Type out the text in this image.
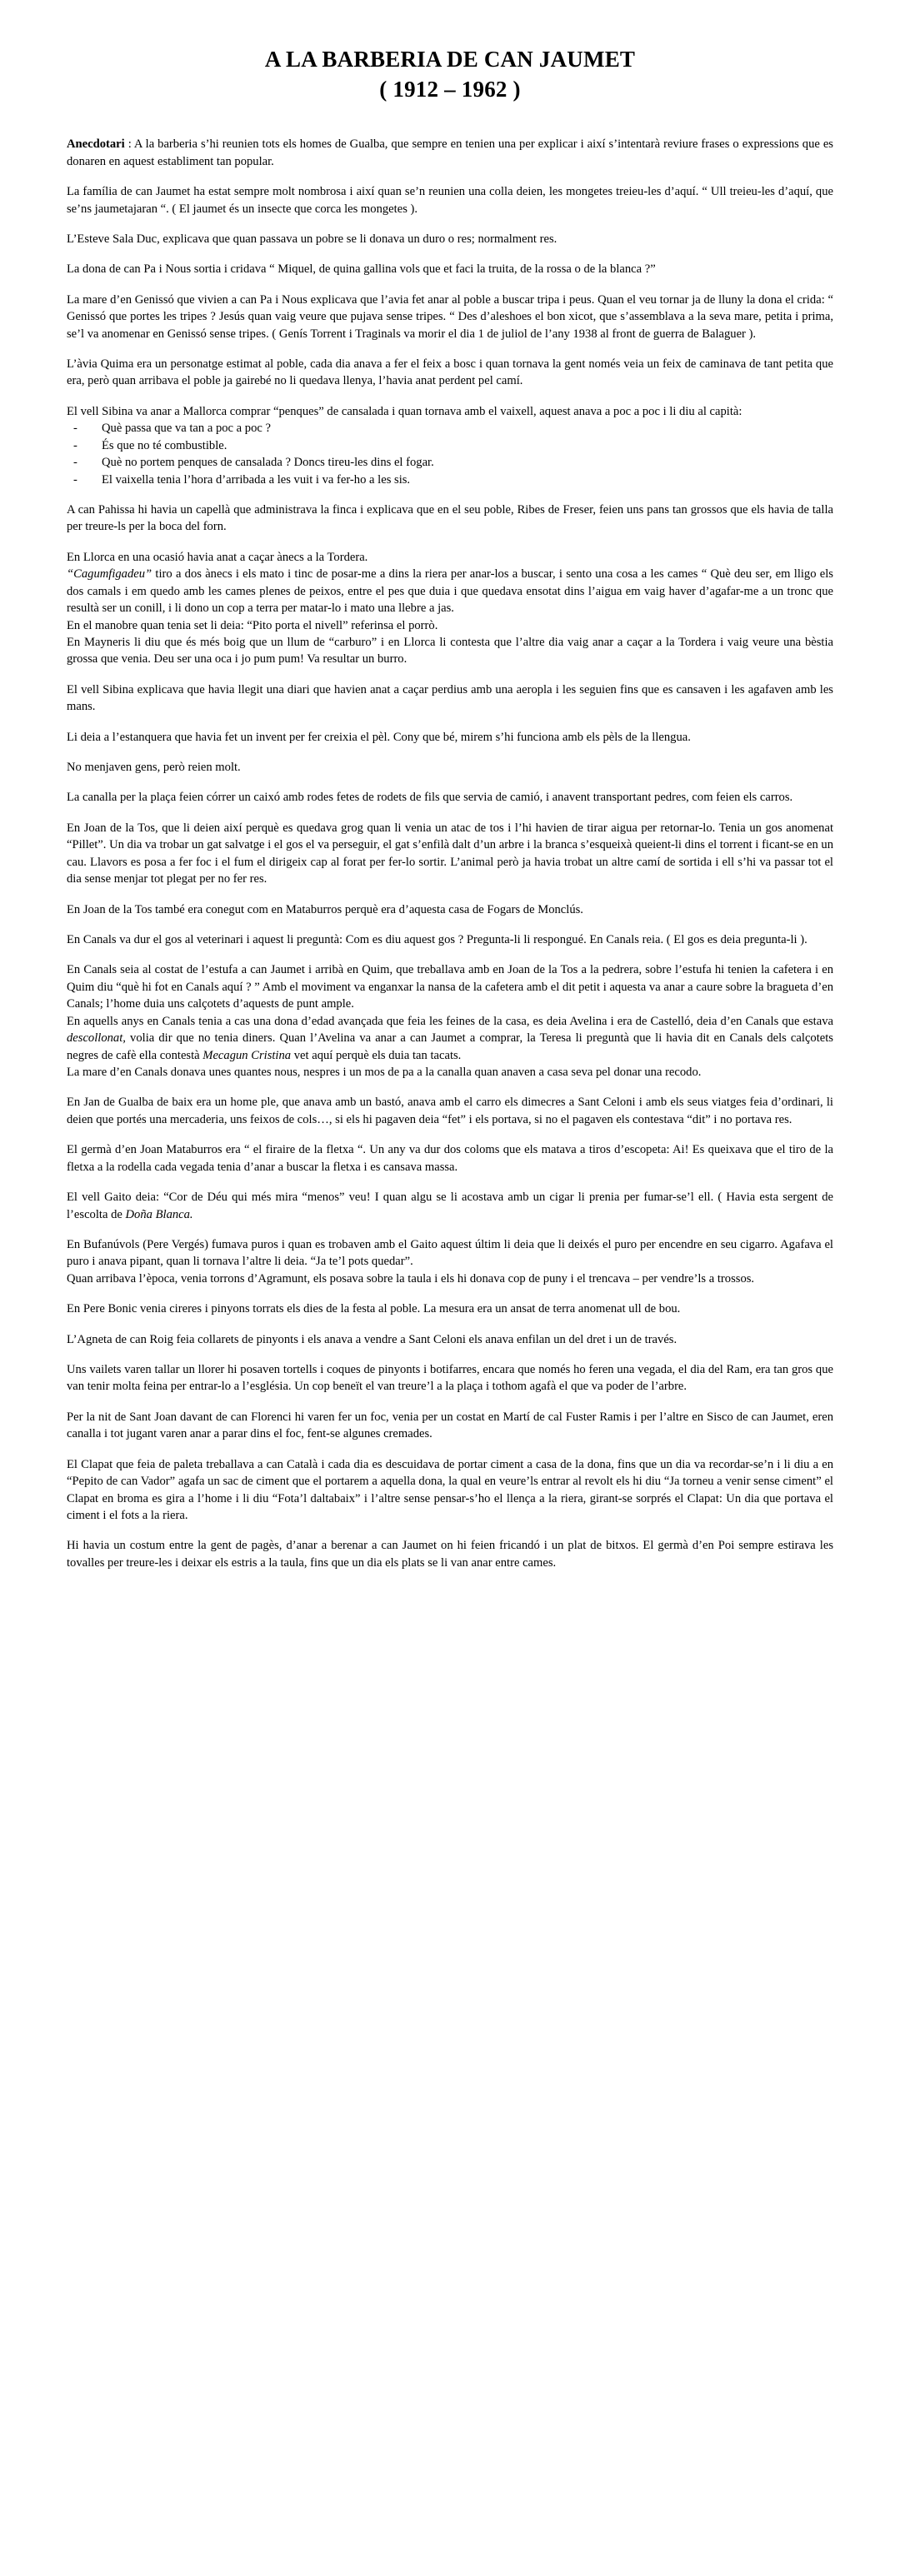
A LA BARBERIA DE CAN JAUMET
( 1912 – 1962 )

Anecdotari : A la barberia s’hi reunien tots els homes de Gualba, que sempre en tenien una per explicar i així s’intentarà reviure frases o expressions que es donaren en aquest establiment tan popular.

La família de can Jaumet ha estat sempre molt nombrosa i així quan se’n reunien una colla deien, les mongetes treieu-les d’aquí. “ Ull treieu-les d’aquí, que se’ns jaumetajaran “. ( El jaumet és un insecte que corca les mongetes ).

L’Esteve Sala Duc, explicava que quan passava un pobre se li donava un duro o res; normalment res.

La dona de can Pa i Nous sortia i cridava “ Miquel, de quina gallina vols que et faci la truita, de la rossa o de la blanca ?”

La mare d’en Genissó que vivien a can Pa i Nous explicava que l’avia fet anar al poble a buscar tripa i peus. Quan el veu tornar ja de lluny la dona el crida: “ Genissó que portes les tripes ? Jesús quan vaig veure que pujava sense tripes. “ Des d’aleshoes el bon xicot, que s’assemblava a la seva mare, petita i prima, se’l va anomenar en Genissó sense tripes. ( Genís Torrent i Traginals va morir el dia 1 de juliol de l’any 1938 al front de guerra de Balaguer ).

L’àvia Quima era un personatge estimat al poble, cada dia anava a fer el feix a bosc i quan tornava la gent només veia un feix de caminava de tant petita que era, però quan arribava el poble ja gairebé no li quedava llenya, l’havia anat perdent pel camí.

El vell Sibina va anar a Mallorca comprar “penques” de cansalada i quan tornava amb el vaixell, aquest anava a poc a poc i li diu al capità:

- Què passa que va tan a poc a poc ?
- És que no té combustible.
- Què no portem penques de cansalada ? Doncs tireu-les dins el fogar.
- El vaixella tenia l’hora d’arribada a les vuit i va fer-ho a les sis.

A can Pahissa hi havia un capellà que administrava la finca i explicava que en el seu poble, Ribes de Freser, feien uns pans tan grossos que els havia de talla per treure-ls per la boca del forn.

En Llorca en una ocasió havia anat a caçar ànecs a la Tordera.

“Cagumfigadeu” tiro a dos ànecs i els mato i tinc de posar-me a dins la riera per anar-los a buscar, i sento una cosa a les cames “ Què deu ser, em lligo els dos camals i em quedo amb les cames plenes de peixos, entre el pes que duia i que quedava ensotat dins l’aigua em vaig haver d’agafar-me a un tronc que resultà ser un conill, i li dono un cop a terra per matar-lo i mato una llebre a jas.

En el manobre quan tenia set li deia: “Pito porta el nivell” referinsa el porrò.

En Mayneris li diu que és més boig que un llum de “carburo” i en Llorca li contesta que l’altre dia vaig anar a caçar a la Tordera i vaig veure una bèstia grossa que venia. Deu ser una oca i jo pum pum! Va resultar un burro.

El vell Sibina explicava que havia llegit una diari que havien anat a caçar perdius amb una aeropla i les seguien fins que es cansaven i les agafaven amb les mans.

Li deia a l’estanquera que havia fet un invent per fer creixia el pèl. Cony que bé, mirem s’hi funciona amb els pèls de la llengua.

No menjaven gens, però reien molt.

La canalla per la plaça feien córrer un caixó amb rodes fetes de rodets de fils que servia de camió, i anavent transportant pedres, com feien els carros.

En Joan de la Tos, que li deien així perquè es quedava grog quan li venia un atac de tos i l’hi havien de tirar aigua per retornar-lo. Tenia un gos anomenat “Pillet”. Un dia va trobar un gat salvatge i el gos el va perseguir, el gat s’enfilà dalt d’un arbre i la branca s’esqueixà queient-li dins el torrent i ficant-se en un cau. Llavors es posa a fer foc i el fum el dirigeix cap al forat per fer-lo sortir. L’animal però ja havia trobat un altre camí de sortida i ell s’hi va passar tot el dia sense menjar tot plegat per no fer res.

En Joan de la Tos també era conegut com en Mataburros perquè era d’aquesta casa de Fogars de Monclús.

En Canals va dur el gos al veterinari i aquest li preguntà: Com es diu aquest gos ? Pregunta-li li respongué. En Canals reia. ( El gos es deia pregunta-li ).

En Canals seia al costat de l’estufa a can Jaumet i arribà en Quim, que treballava amb en Joan de la Tos a la pedrera, sobre l’estufa hi tenien la cafetera i en Quim diu “què hi fot en Canals aquí ? ” Amb el moviment va enganxar la nansa de la cafetera amb el dit petit i aquesta va anar a caure sobre la bragueta d’en Canals; l’home duia uns calçotets d’aquests de punt ample.

En aquells anys en Canals tenia a cas una dona d’edad avançada que feia les feines de la casa, es deia Avelina i era de Castelló, deia d’en Canals que estava descollonat, volia dir que no tenia diners. Quan l’Avelina va anar a can Jaumet a comprar, la Teresa li preguntà que li havia dit en Canals dels calçotets negres de cafè ella contestà Mecagun Cristina vet aquí perquè els duia tan tacats.

La mare d’en Canals donava unes quantes nous, nespres i un mos de pa a la canalla quan anaven a casa seva pel donar una recodo.

En Jan de Gualba de baix era un home ple, que anava amb un bastó, anava amb el carro els dimecres a Sant Celoni i amb els seus viatges feia d’ordinari, li deien que portés una mercaderia, uns feixos de cols…, si els hi pagaven deia “fet” i els portava, si no el pagaven els contestava “dit” i no portava res.

El germà d’en Joan Mataburros era “ el firaire de la fletxa “. Un any va dur dos coloms que els matava a tiros d’escopeta: Ai! Es queixava que el tiro de la fletxa a la rodella cada vegada tenia d’anar a buscar la fletxa i es cansava massa.

El vell Gaito deia: “Cor de Déu qui més mira “menos” veu! I quan algu se li acostava amb un cigar li prenia per fumar-se’l ell. ( Havia esta sergent de l’escolta de Doña Blanca.

En Bufanúvols (Pere Vergés) fumava puros i quan es trobaven amb el Gaito aquest últim li deia que li deixés el puro per encendre en seu cigarro. Agafava el puro i anava pipant, quan li tornava l’altre li deia. “Ja te’l pots quedar”.

Quan arribava l’època, venia torrons d’Agramunt, els posava sobre la taula i els hi donava cop de puny i el trencava – per vendre’ls a trossos.

En Pere Bonic venia cireres i pinyons torrats els dies de la festa al poble. La mesura era un ansat de terra anomenat ull de bou.

L’Agneta de can Roig feia collarets de pinyonts i els anava a vendre a Sant Celoni els anava enfilan un del dret i un de través.

Uns vailets varen tallar un llorer hi posaven tortells i coques de pinyonts i botifarres, encara que només ho feren una vegada, el dia del Ram, era tan gros que van tenir molta feina per entrar-lo a l’església. Un cop beneït el van treure’l a la plaça i tothom agafà el que va poder de l’arbre.

Per la nit de Sant Joan davant de can Florenci hi varen fer un foc, venia per un costat en Martí de cal Fuster Ramis i per l’altre en Sisco de can Jaumet, eren canalla i tot jugant varen anar a parar dins el foc, fent-se algunes cremades.

El Clapat que feia de paleta treballava a can Català i cada dia es descuidava de portar ciment a casa de la dona, fins que un dia va recordar-se’n i li diu a en “Pepito de can Vador” agafa un sac de ciment que el portarem a aquella dona, la qual en veure’ls entrar al revolt els hi diu “Ja torneu a venir sense ciment” el Clapat en broma es gira a l’home i li diu “Fota’l daltabaix” i l’altre sense pensar-s’ho el llença a la riera, girant-se sorprés el Clapat: Un dia que portava el ciment i el fots a la riera.

Hi havia un costum entre la gent de pagès, d’anar a berenar a can Jaumet on hi feien fricandó i un plat de bitxos. El germà d’en Poi sempre estirava les tovalles per treure-les i deixar els estris a la taula, fins que un dia els plats se li van anar entre cames.
